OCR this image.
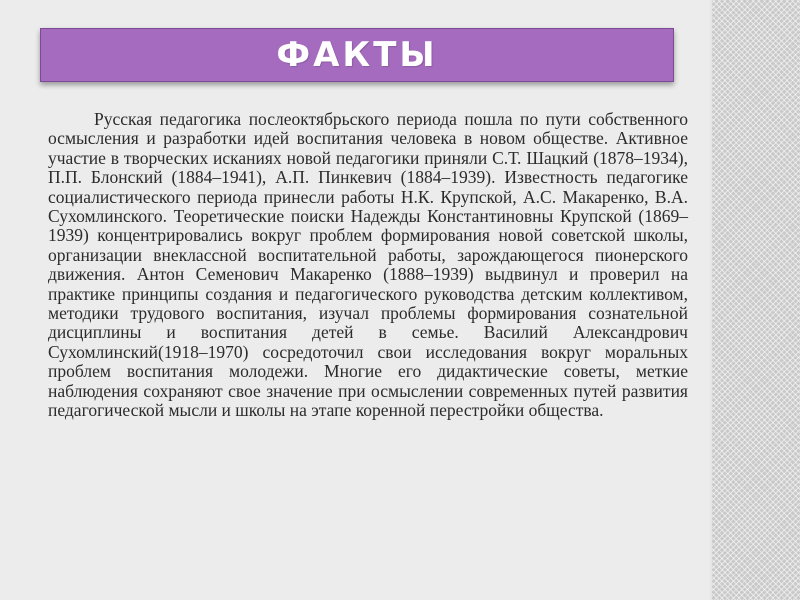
ФАКТЫ

Русская педагогика послеоктябрьского периода пошла по пути собственного осмысления и разработки идей воспитания человека в новом обществе. Активное участие в творческих исканиях новой педагогики приняли С.Т. Шацкий (1878–1934), П.П. Блонский (1884–1941), А.П. Пинкевич (1884–1939). Известность педагогике социалистического периода принесли работы Н.К. Крупской, А.С. Макаренко, В.А. Сухомлинского. Теоретические поиски Надежды Константиновны Крупской (1869–1939) концентрировались вокруг проблем формирования новой советской школы, организации внеклассной воспитательной работы, зарождающегося пионерского движения. Антон Семенович Макаренко (1888–1939) выдвинул и проверил на практике принципы создания и педагогического руководства детским коллективом, методики трудового воспитания, изучал проблемы формирования сознательной дисциплины и воспитания детей в семье. Василий Александрович Сухомлинский(1918–1970) сосредоточил свои исследования вокруг моральных проблем воспитания молодежи. Многие его дидактические советы, меткие наблюдения сохраняют свое значение при осмыслении современных путей развития педагогической мысли и школы на этапе коренной перестройки общества.
